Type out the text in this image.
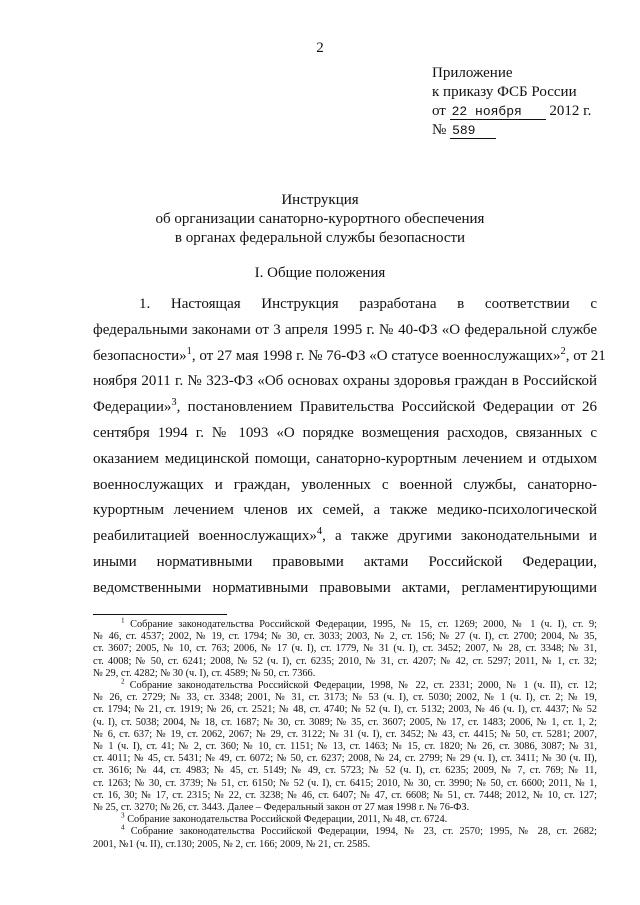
2
Приложение
к приказу ФСБ России
от 22 ноября 2012 г.
№ 589
Инструкция
об организации санаторно-курортного обеспечения
в органах федеральной службы безопасности
I. Общие положения
1. Настоящая Инструкция разработана в соответствии с
федеральными законами от 3 апреля 1995 г. № 40-ФЗ «О федеральной службе
безопасности»$^1$, от 27 мая 1998 г. № 76-ФЗ «О статусе военнослужащих»$^2$, от 21
ноября 2011 г. № 323-ФЗ «Об основах охраны здоровья граждан в Российской
Федерации»$^3$, постановлением Правительства Российской Федерации от 26
сентября 1994 г. № 1093 «О порядке возмещения расходов, связанных с
оказанием медицинской помощи, санаторно-курортным лечением и отдыхом
военнослужащих и граждан, уволенных с военной службы, санаторно-
курортным лечением членов их семей, а также медико-психологической
реабилитацией военнослужащих»$^4$, а также другими законодательными и
иными нормативными правовыми актами Российской Федерации,
ведомственными нормативными правовыми актами, регламентирующими
$^1$ Собрание законодательства Российской Федерации, 1995, № 15, ст. 1269; 2000, № 1 (ч. I), ст. 9;
№ 46, ст. 4537; 2002, № 19, ст. 1794; № 30, ст. 3033; 2003, № 2, ст. 156; № 27 (ч. I), ст. 2700; 2004, № 35,
ст. 3607; 2005, № 10, ст. 763; 2006, № 17 (ч. I), ст. 1779, № 31 (ч. I), ст. 3452; 2007, № 28, ст. 3348; № 31,
ст. 4008; № 50, ст. 6241; 2008, № 52 (ч. I), ст. 6235; 2010, № 31, ст. 4207; № 42, ст. 5297; 2011, № 1, ст. 32;
№ 29, ст. 4282; № 30 (ч. I), ст. 4589; № 50, ст. 7366.
$^2$ Собрание законодательства Российской Федерации, 1998, № 22, ст. 2331; 2000, № 1 (ч. II), ст. 12;
№ 26, ст. 2729; № 33, ст. 3348; 2001, № 31, ст. 3173; № 53 (ч. I), ст. 5030; 2002, № 1 (ч. I), ст. 2; № 19,
ст. 1794; № 21, ст. 1919; № 26, ст. 2521; № 48, ст. 4740; № 52 (ч. I), ст. 5132; 2003, № 46 (ч. I), ст. 4437; № 52
(ч. I), ст. 5038; 2004, № 18, ст. 1687; № 30, ст. 3089; № 35, ст. 3607; 2005, № 17, ст. 1483; 2006, № 1, ст. 1, 2;
№ 6, ст. 637; № 19, ст. 2062, 2067; № 29, ст. 3122; № 31 (ч. I), ст. 3452; № 43, ст. 4415; № 50, ст. 5281; 2007,
№ 1 (ч. I), ст. 41; № 2, ст. 360; № 10, ст. 1151; № 13, ст. 1463; № 15, ст. 1820; № 26, ст. 3086, 3087; № 31,
ст. 4011; № 45, ст. 5431; № 49, ст. 6072; № 50, ст. 6237; 2008, № 24, ст. 2799; № 29 (ч. I), ст. 3411; № 30 (ч. II),
ст. 3616; № 44, ст. 4983; № 45, ст. 5149; № 49, ст. 5723; № 52 (ч. I), ст. 6235; 2009, № 7, ст. 769; № 11,
ст. 1263; № 30, ст. 3739; № 51, ст. 6150; № 52 (ч. I), ст. 6415; 2010, № 30, ст. 3990; № 50, ст. 6600; 2011, № 1,
ст. 16, 30; № 17, ст. 2315; № 22, ст. 3238; № 46, ст. 6407; № 47, ст. 6608; № 51, ст. 7448; 2012, № 10, ст. 127;
№ 25, ст. 3270; № 26, ст. 3443. Далее – Федеральный закон от 27 мая 1998 г. № 76-ФЗ.
$^3$ Собрание законодательства Российской Федерации, 2011, № 48, ст. 6724.
$^4$ Собрание законодательства Российской Федерации, 1994, № 23, ст. 2570; 1995, № 28, ст. 2682;
2001, №1 (ч. II), ст.130; 2005, № 2, ст. 166; 2009, № 21, ст. 2585.
